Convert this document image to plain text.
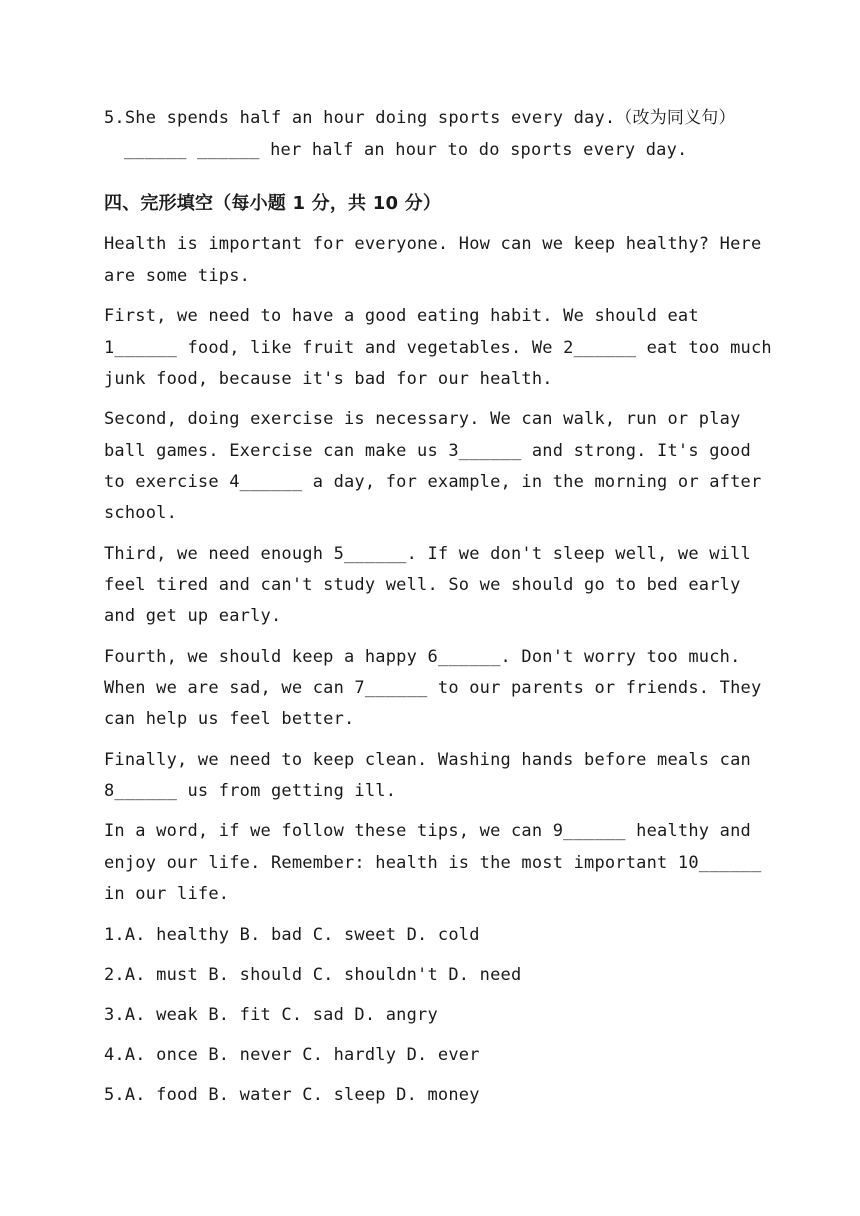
5.She spends half an hour doing sports every day.（改为同义句）
______ ______ her half an hour to do sports every day.
四、完形填空（每小题 1 分，共 10 分）
Health is important for everyone. How can we keep healthy? Here
are some tips.
First, we need to have a good eating habit. We should eat
1______ food, like fruit and vegetables. We 2______ eat too much
junk food, because it's bad for our health.
Second, doing exercise is necessary. We can walk, run or play
ball games. Exercise can make us 3______ and strong. It's good
to exercise 4______ a day, for example, in the morning or after
school.
Third, we need enough 5______. If we don't sleep well, we will
feel tired and can't study well. So we should go to bed early
and get up early.
Fourth, we should keep a happy 6______. Don't worry too much.
When we are sad, we can 7______ to our parents or friends. They
can help us feel better.
Finally, we need to keep clean. Washing hands before meals can
8______ us from getting ill.
In a word, if we follow these tips, we can 9______ healthy and
enjoy our life. Remember: health is the most important 10______
in our life.
1.A. healthy B. bad C. sweet D. cold
2.A. must B. should C. shouldn't D. need
3.A. weak B. fit C. sad D. angry
4.A. once B. never C. hardly D. ever
5.A. food B. water C. sleep D. money
